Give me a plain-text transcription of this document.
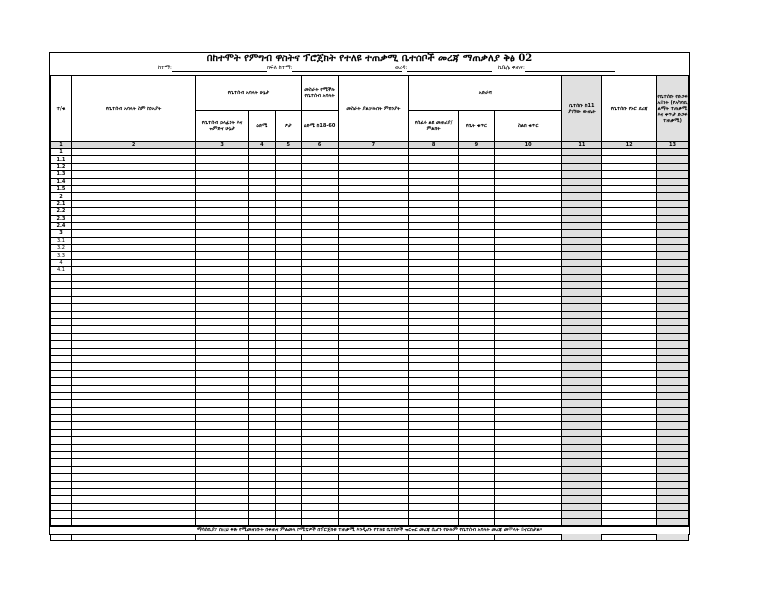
በከተሞት የምግብ ዋስትና ፕሮጀክት የተለዩ ተጠቃሚ ቤተሰቦች መረጃ ማጠቃለያ ቅፅ 02
ከተማ:	ክፍለ ከተማ:	ወረዳ:	ኬቤሌ ቀጠና:
ተ/ቁ	የቤተሰብ አባላት ስም ከነአያት	የቤተሰብ አባላት ሁኔታ			መስራት የሚችሉ የቤተሰብ አባላት	መስራት ያልቻሉበት ምክንያት	አድራሻ			ቤተሰቡ ከ11 ያገኘው ውጤት	የቤተሰቡ የኑሮ ደረጃ	የቤተሰቡ የድጋፍ አይነት (የአካባቢ ልማት ተጠቃሚ እና ቀጥታ ድጋፍ ተጠቃሚ)
		የቤተሰብ ኃላፊነት እና ዝምድና ሁኔታ	ዕድሜ	ፆታ	ዕድሜ ከ18-60		የሰፈሩ ልዩ መጠሪያ/ ምልክት	የቤት ቁጥር	ስልክ ቁጥር			
1	2	3	4	5	6	7	8	9	10	11	12	13
1												
1.1												
1.2												
1.3												
1.4												
1.5												
2												
2.1												
2.2												
2.3												
2.4												
3												
3.1												
3.2												
3.3												
4												
4.1												

ማሳሰቢያ፦ በዚህ ቅጽ የሚመዘገቡት በቀጠና ምልመላ ኮሚቴዎች በፕሮጀክቱ ተጠቃሚ እንዲሆኑ የተለዩ ቤተሰቦች ዝርዝር መረጃ ሲሆን የሁሉም የቤተሰብ አባላት መረጃ መሞላት ይኖርበታል።
